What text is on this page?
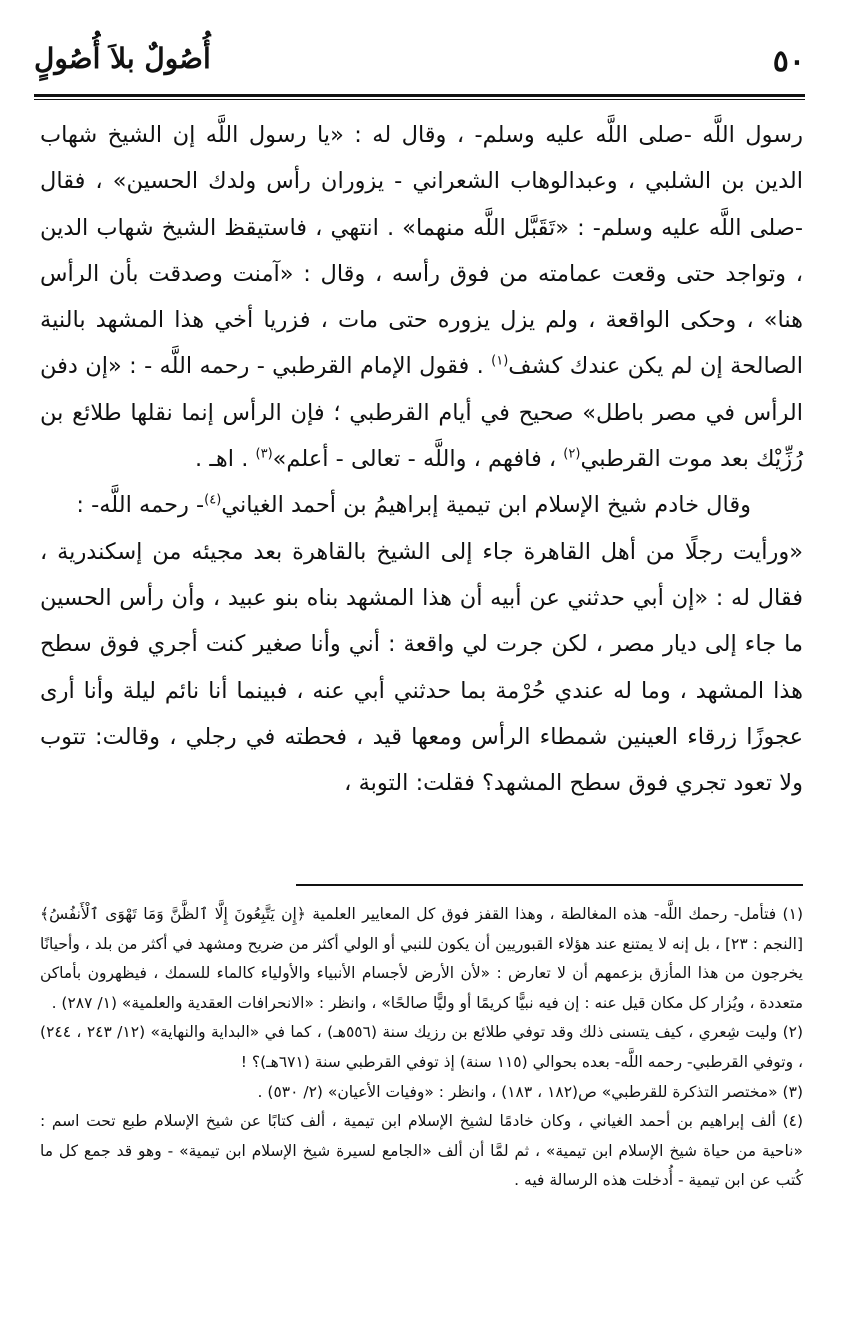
٥٠
أُصُولٌ بلاَ أُصُولٍ

رسول اللَّه -صلى اللَّه عليه وسلم- ، وقال له : «يا رسول اللَّه إن الشيخ شهاب الدين بن الشلبي ، وعبدالوهاب الشعراني - يزوران رأس ولدك الحسين» ، فقال -صلى اللَّه عليه وسلم- : «تَقَبَّل اللَّه منهما» . انتهي ، فاستيقظ الشيخ شهاب الدين ، وتواجد حتى وقعت عمامته من فوق رأسه ، وقال : «آمنت وصدقت بأن الرأس هنا» ، وحكى الواقعة ، ولم يزل يزوره حتى مات ، فزريا أخي هذا المشهد بالنية الصالحة إن لم يكن عندك كشف$^{(١)}$ . فقول الإمام القرطبي - رحمه اللَّه - : «إن دفن الرأس في مصر باطل» صحيح في أيام القرطبي ؛ فإن الرأس إنما نقلها طلائع بن رُزِّيْك بعد موت القرطبي$^{(٢)}$ ، فافهم ، واللَّه - تعالى - أعلم»$^{(٣)}$ . اهـ .

وقال خادم شيخ الإسلام ابن تيمية إبراهيمُ بن أحمد الغياني$^{(٤)}$- رحمه اللَّه- :

«ورأيت رجلًا من أهل القاهرة جاء إلى الشيخ بالقاهرة بعد مجيئه من إسكندرية ، فقال له : «إن أبي حدثني عن أبيه أن هذا المشهد بناه بنو عبيد ، وأن رأس الحسين ما جاء إلى ديار مصر ، لكن جرت لي واقعة : أني وأنا صغير كنت أجري فوق سطح هذا المشهد ، وما له عندي حُرْمة بما حدثني أبي عنه ، فبينما أنا نائم ليلة وأنا أرى عجوزًا زرقاء العينين شمطاء الرأس ومعها قيد ، فحطته في رجلي ، وقالت: تتوب ولا تعود تجري فوق سطح المشهد؟ فقلت: التوبة ،

(١) فتأمل- رحمك اللَّه- هذه المغالطة ، وهذا القفز فوق كل المعايير العلمية ﴿إِن يَتَّبِعُونَ إِلَّا ٱلظَّنَّ وَمَا تَهْوَى ٱلْأَنفُسُ﴾ [النجم : ٢٣] ، بل إنه لا يمتنع عند هؤلاء القبوريين أن يكون للنبي أو الولي أكثر من ضريح ومشهد في أكثر من بلد ، وأحيانًا يخرجون من هذا المأزق بزعمهم أن لا تعارض : «لأن الأرض لأجسام الأنبياء والأولياء كالماء للسمك ، فيظهرون بأماكن متعددة ، ويُزار كل مكان قيل عنه : إن فيه نبيًّا كريمًا أو وليًّا صالحًا» ، وانظر : «الانحرافات العقدية والعلمية» (١/ ٢٨٧) .

(٢) وليت شِعري ، كيف يتسنى ذلك وقد توفي طلائع بن رزيك سنة (٥٥٦هـ) ، كما في «البداية والنهاية» (١٢/ ٢٤٣ ، ٢٤٤) ، وتوفي القرطبي- رحمه اللَّه- بعده بحوالي (١١٥ سنة) إذ توفي القرطبي سنة (٦٧١هـ)؟ !

(٣) «مختصر التذكرة للقرطبي» ص(١٨٢ ، ١٨٣) ، وانظر : «وفيات الأعيان» (٢/ ٥٣٠) .

(٤) ألف إبراهيم بن أحمد الغياني ، وكان خادمًا لشيخ الإسلام ابن تيمية ، ألف كتابًا عن شيخ الإسلام طبع تحت اسم : «ناحية من حياة شيخ الإسلام ابن تيمية» ، ثم لمَّا أن ألف «الجامع لسيرة شيخ الإسلام ابن تيمية» - وهو قد جمع كل ما كُتب عن ابن تيمية - أُدخلت هذه الرسالة فيه .
